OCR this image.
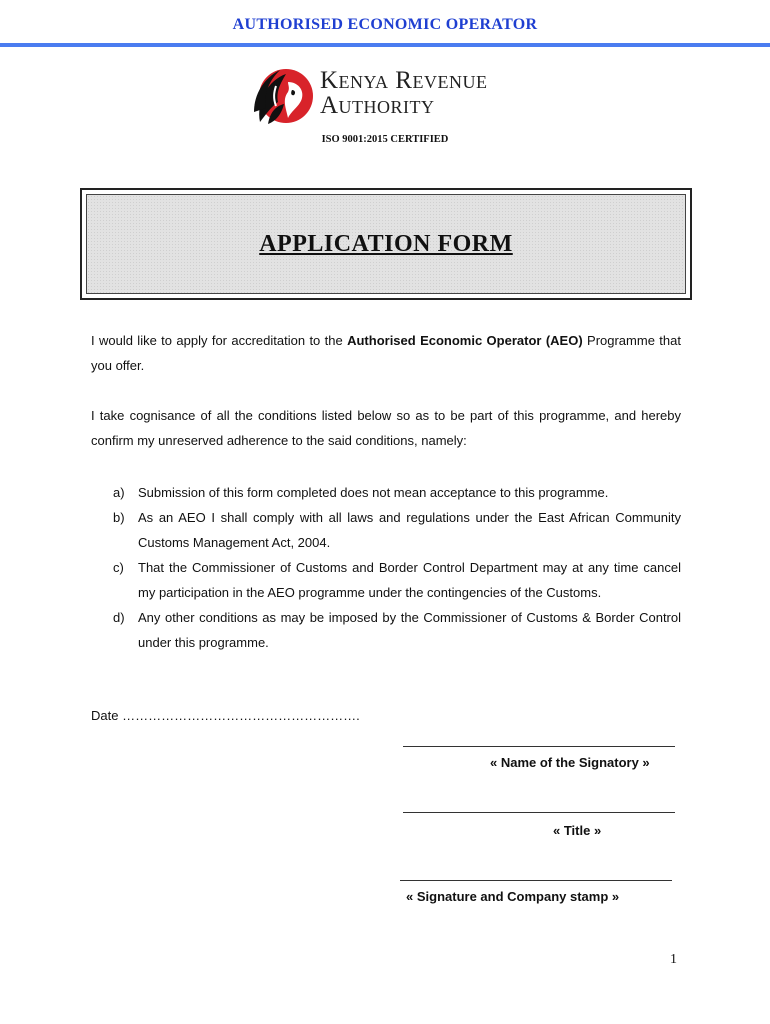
AUTHORISED ECONOMIC OPERATOR
Kenya Revenue
Authority
ISO 9001:2015 CERTIFIED
APPLICATION FORM
I would like to apply for accreditation to the Authorised Economic Operator (AEO) Programme that you offer.
I take cognisance of all the conditions listed below so as to be part of this programme, and hereby confirm my unreserved adherence to the said conditions, namely:
a) Submission of this form completed does not mean acceptance to this programme.
b) As an AEO I shall comply with all laws and regulations under the East African Community Customs Management Act, 2004.
c) That the Commissioner of Customs and Border Control Department may at any time cancel my participation in the AEO programme under the contingencies of the Customs.
d) Any other conditions as may be imposed by the Commissioner of Customs & Border Control under this programme.
Date ……………………………………………….
« Name of the Signatory »
« Title »
« Signature and Company stamp »
1
